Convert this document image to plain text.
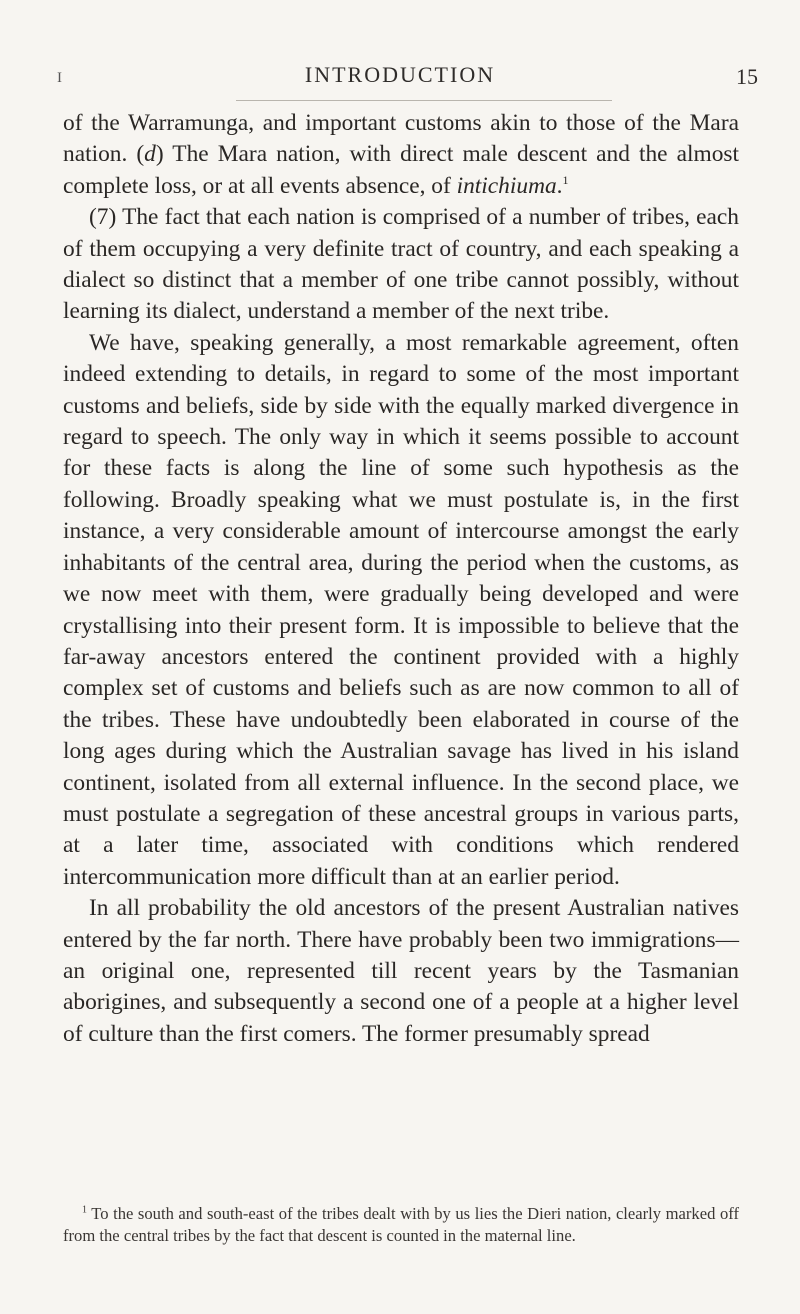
I	INTRODUCTION	15

of the Warramunga, and important customs akin to those of the Mara nation. (d) The Mara nation, with direct male descent and the almost complete loss, or at all events absence, of intichiuma.$^1$

(7) The fact that each nation is comprised of a number of tribes, each of them occupying a very definite tract of country, and each speaking a dialect so distinct that a member of one tribe cannot possibly, without learning its dialect, understand a member of the next tribe.

We have, speaking generally, a most remarkable agreement, often indeed extending to details, in regard to some of the most important customs and beliefs, side by side with the equally marked divergence in regard to speech. The only way in which it seems possible to account for these facts is along the line of some such hypothesis as the following. Broadly speaking what we must postulate is, in the first instance, a very considerable amount of intercourse amongst the early inhabitants of the central area, during the period when the customs, as we now meet with them, were gradually being developed and were crystallising into their present form. It is impossible to believe that the far-away ancestors entered the continent provided with a highly complex set of customs and beliefs such as are now common to all of the tribes. These have undoubtedly been elaborated in course of the long ages during which the Australian savage has lived in his island continent, isolated from all external influence. In the second place, we must postulate a segregation of these ancestral groups in various parts, at a later time, associated with conditions which rendered intercommunication more difficult than at an earlier period.

In all probability the old ancestors of the present Australian natives entered by the far north. There have probably been two immigrations—an original one, represented till recent years by the Tasmanian aborigines, and subsequently a second one of a people at a higher level of culture than the first comers. The former presumably spread

$^1$ To the south and south-east of the tribes dealt with by us lies the Dieri nation, clearly marked off from the central tribes by the fact that descent is counted in the maternal line.
